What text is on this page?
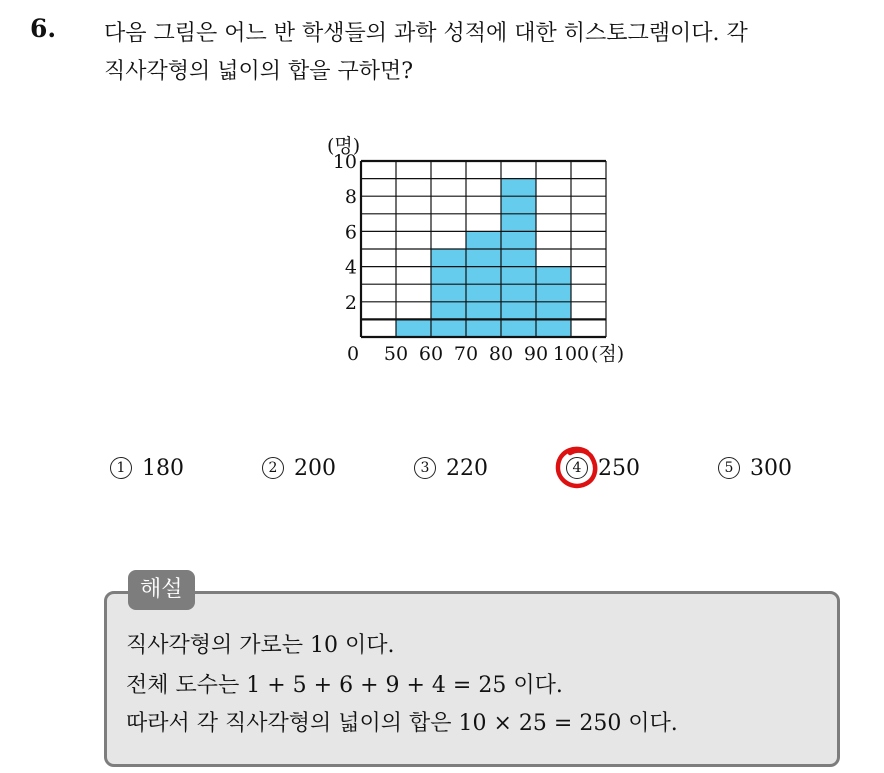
6. 다음 그림은 어느 반 학생들의 과학 성적에 대한 히스토그램이다. 각
직사각형의 넓이의 합을 구하면?
(명)
2
4
6
8
10
0 50 60 70 80 90 100 (점)
1 180	2 200	3 220	4 250	5 300
해설
직사각형의 가로는 10 이다.
전체 도수는 1 + 5 + 6 + 9 + 4 = 25 이다.
따라서 각 직사각형의 넓이의 합은 10 × 25 = 250 이다.
